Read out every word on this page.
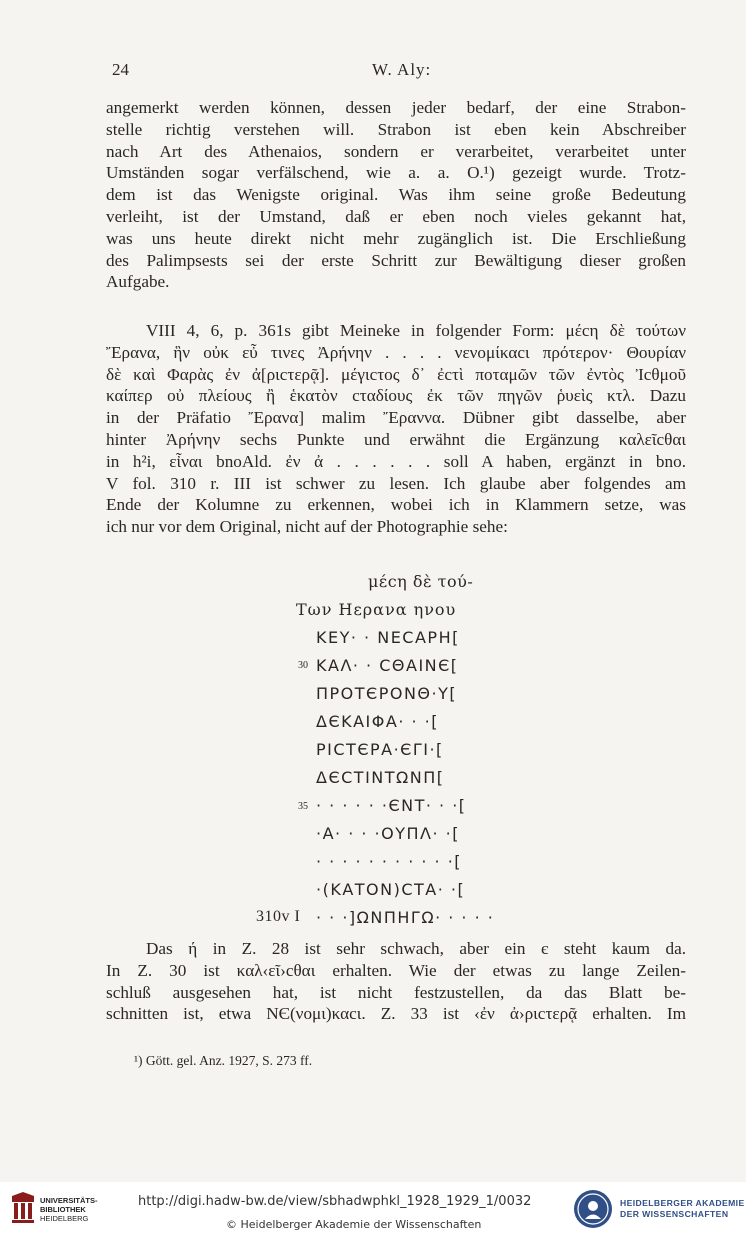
24	W. Aly:
angemerkt werden können, dessen jeder bedarf, der eine Strabon-
stelle richtig verstehen will. Strabon ist eben kein Abschreiber
nach Art des Athenaios, sondern er verarbeitet, verarbeitet unter
Umständen sogar verfälschend, wie a. a. O.¹) gezeigt wurde. Trotz-
dem ist das Wenigste original. Was ihm seine große Bedeutung
verleiht, ist der Umstand, daß er eben noch vieles gekannt hat,
was uns heute direkt nicht mehr zugänglich ist. Die Erschließung
des Palimpsests sei der erste Schritt zur Bewältigung dieser großen
Aufgabe.
VIII 4, 6, p. 361s gibt Meineke in folgender Form: μέcη δὲ τούτων
Ἔρανα, ἣν οὐκ εὖ τινες Ἀρήνην . . . . νενομίκαcι πρότερον· Θουρίαν
δὲ καὶ Φαρὰς ἐν ἀ[ριcτερᾷ]. μέγιcτος δ᾽ ἐcτὶ ποταμῶν τῶν ἐντὸς Ἰcθμοῦ
καίπερ οὐ πλείους ἢ ἑκατὸν cταδίους ἐκ τῶν πηγῶν ῥυεὶς κτλ. Dazu
in der Präfatio Ἔρανα] malim Ἔραννα. Dübner gibt dasselbe, aber
hinter Ἀρήνην sechs Punkte und erwähnt die Ergänzung καλεῖcθαι
in h²i, εἶναι bnoAld. ἐν ἀ . . . . . . soll A haben, ergänzt in bno.
V fol. 310 r. III ist schwer zu lesen. Ich glaube aber folgendes am
Ende der Kolumne zu erkennen, wobei ich in Klammern setze, was
ich nur vor dem Original, nicht auf der Photographie sehe:
μέcη δὲ τού-
Των Ηερανα ηνου
ΚΕΥ· · ΝΕCΑΡΗ[
30 ΚΑΛ· · CΘΑΙΝЄ[
ΠΡΟΤЄΡΟΝΘ·Υ[
ΔЄΚΑΙΦΑ· · ·[
ΡΙCΤЄΡΑ·ЄΓΙ·[
ΔЄCΤΙΝΤΩΝΠ[
35 · · · · · ·ЄΝΤ· · ·[
·Α· · · ·ΟΥΠΛ· ·[
· · · · · · · · · · ·[
·(ΚΑΤΟΝ)CΤΑ· ·[
310v I · · ·]ΩΝΠΗΓΩ· · · · ·
Das ή in Z. 28 ist sehr schwach, aber ein є steht kaum da.
In Z. 30 ist καλ‹εῖ›cθαι erhalten. Wie der etwas zu lange Zeilen-
schluß ausgesehen hat, ist nicht festzustellen, da das Blatt be-
schnitten ist, etwa ΝЄ(νομι)καcι. Z. 33 ist ‹ἐν ἀ›ριcτερᾷ erhalten. Im
¹) Gött. gel. Anz. 1927, S. 273 ff.
UNIVERSITÄTS-
BIBLIOTHEK
HEIDELBERG
http://digi.hadw-bw.de/view/sbhadwphkl_1928_1929_1/0032
© Heidelberger Akademie der Wissenschaften
HEIDELBERGER AKADEMIE
DER WISSENSCHAFTEN
